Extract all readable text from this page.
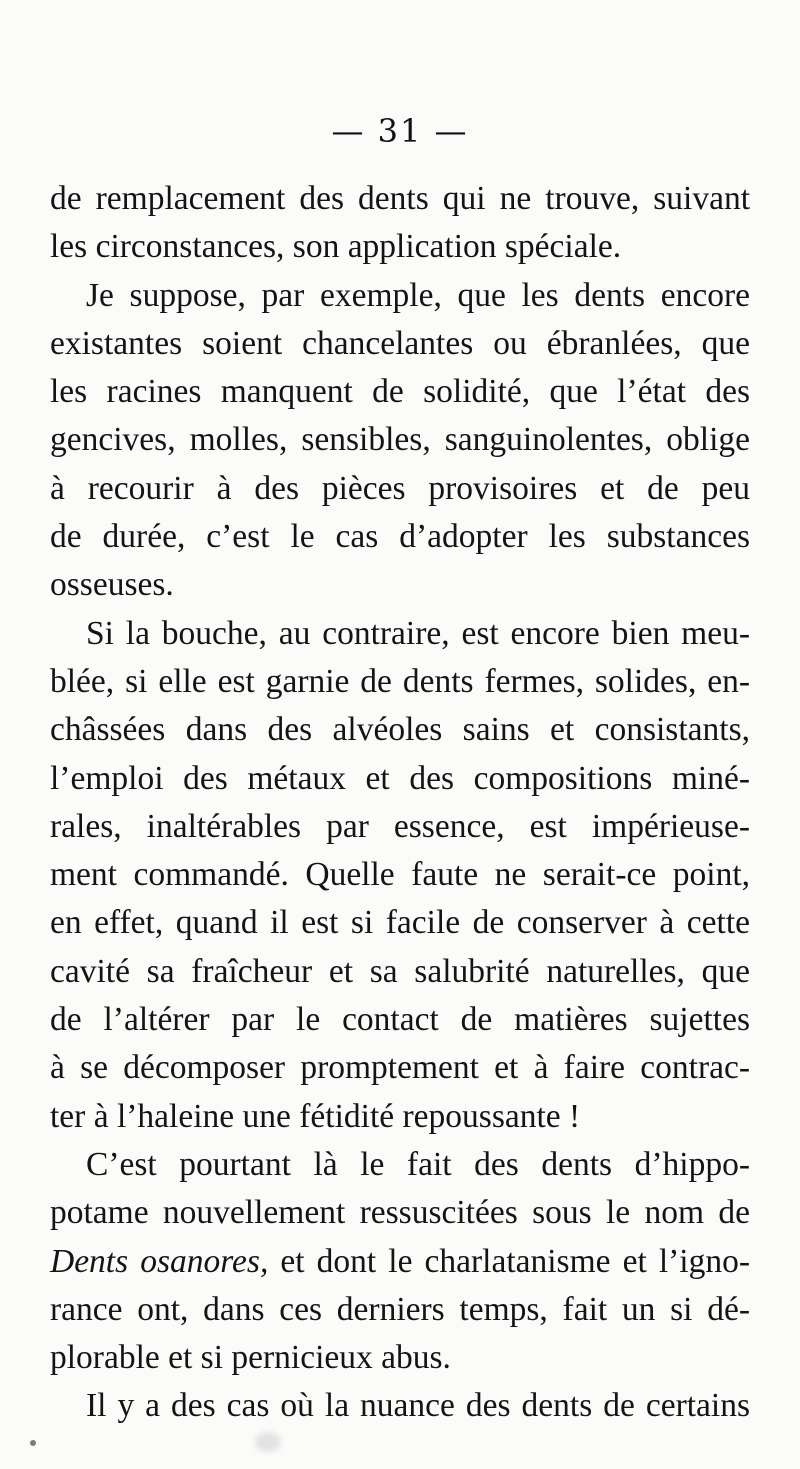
— 31 —
de remplacement des dents qui ne trouve, suivant
les circonstances, son application spéciale.
Je suppose, par exemple, que les dents encore
existantes soient chancelantes ou ébranlées, que
les racines manquent de solidité, que l’état des
gencives, molles, sensibles, sanguinolentes, oblige
à recourir à des pièces provisoires et de peu
de durée, c’est le cas d’adopter les substances
osseuses.
Si la bouche, au contraire, est encore bien meu-
blée, si elle est garnie de dents fermes, solides, en-
châssées dans des alvéoles sains et consistants,
l’emploi des métaux et des compositions miné-
rales, inaltérables par essence, est impérieuse-
ment commandé. Quelle faute ne serait-ce point,
en effet, quand il est si facile de conserver à cette
cavité sa fraîcheur et sa salubrité naturelles, que
de l’altérer par le contact de matières sujettes
à se décomposer promptement et à faire contrac-
ter à l’haleine une fétidité repoussante !
C’est pourtant là le fait des dents d’hippo-
potame nouvellement ressuscitées sous le nom de
Dents osanores, et dont le charlatanisme et l’igno-
rance ont, dans ces derniers temps, fait un si dé-
plorable et si pernicieux abus.
Il y a des cas où la nuance des dents de certains
